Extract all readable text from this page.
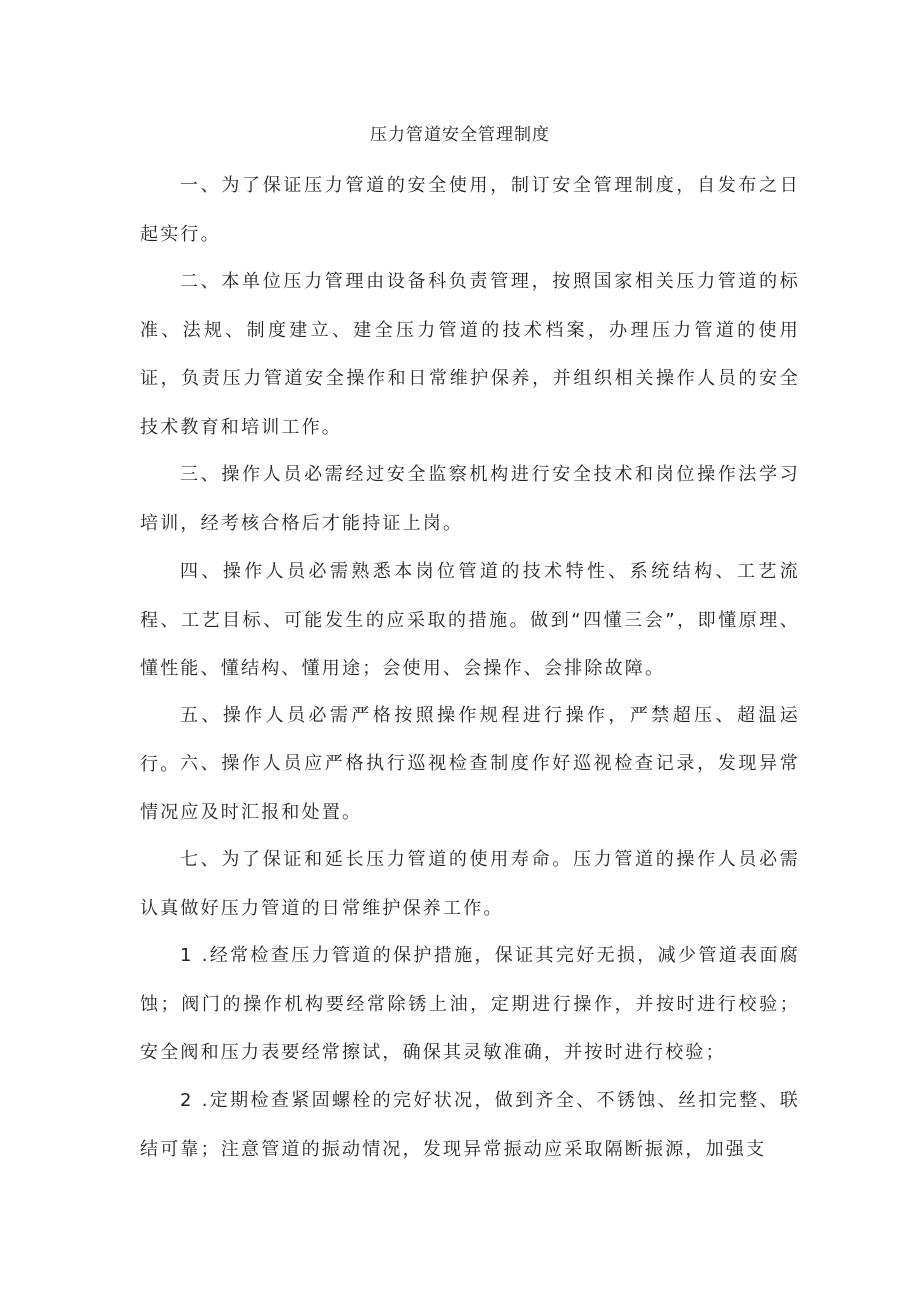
压力管道安全管理制度
一、为了保证压力管道的安全使用，制订安全管理制度，自发布之日起实行。
二、本单位压力管理由设备科负责管理，按照国家相关压力管道的标准、法规、制度建立、建全压力管道的技术档案，办理压力管道的使用证，负责压力管道安全操作和日常维护保养，并组织相关操作人员的安全技术教育和培训工作。
三、操作人员必需经过安全监察机构进行安全技术和岗位操作法学习培训，经考核合格后才能持证上岗。
四、操作人员必需熟悉本岗位管道的技术特性、系统结构、工艺流程、工艺目标、可能发生的应采取的措施。做到“四懂三会”，即懂原理、懂性能、懂结构、懂用途；会使用、会操作、会排除故障。
五、操作人员必需严格按照操作规程进行操作，严禁超压、超温运行。 六、操作人员应严格执行巡视检查制度作好巡视检查记录，发现异常情况应及时汇报和处置。
七、为了保证和延长压力管道的使用寿命。压力管道的操作人员必需认真做好压力管道的日常维护保养工作。
1 .经常检查压力管道的保护措施，保证其完好无损，减少管道表面腐蚀；阀门的操作机构要经常除锈上油，定期进行操作，并按时进行校验；安全阀和压力表要经常擦试，确保其灵敏准确，并按时进行校验；
2 .定期检查紧固螺栓的完好状况，做到齐全、不锈蚀、丝扣完整、联结可靠；注意管道的振动情况，发现异常振动应采取隔断振源，加强支
